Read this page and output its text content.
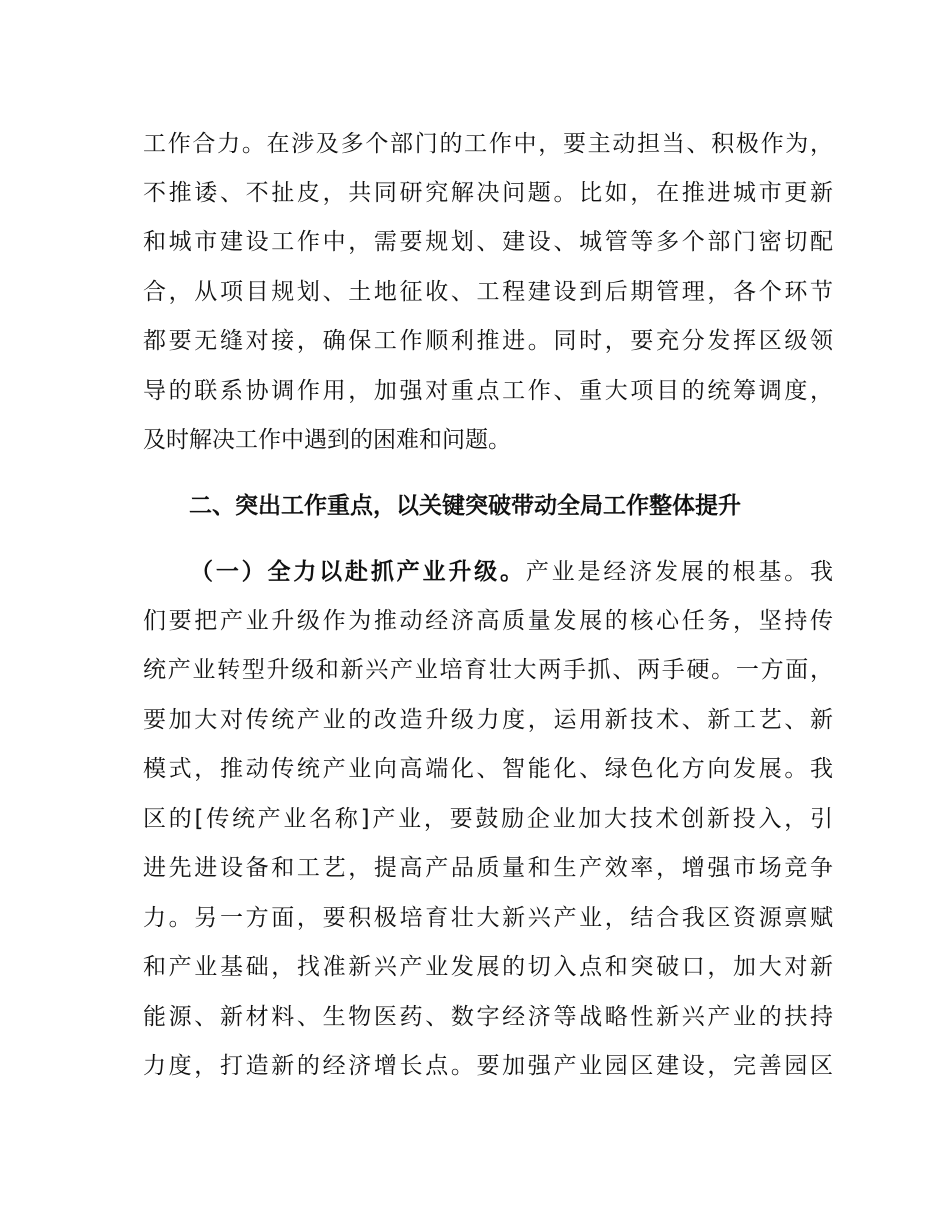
工作合力。在涉及多个部门的工作中，要主动担当、积极作为，
不推诿、不扯皮，共同研究解决问题。比如，在推进城市更新
和城市建设工作中，需要规划、建设、城管等多个部门密切配
合，从项目规划、土地征收、工程建设到后期管理，各个环节
都要无缝对接，确保工作顺利推进。同时，要充分发挥区级领
导的联系协调作用，加强对重点工作、重大项目的统筹调度，
及时解决工作中遇到的困难和问题。
二、突出工作重点，以关键突破带动全局工作整体提升
（一）全力以赴抓产业升级。产业是经济发展的根基。我
们要把产业升级作为推动经济高质量发展的核心任务，坚持传
统产业转型升级和新兴产业培育壮大两手抓、两手硬。一方面，
要加大对传统产业的改造升级力度，运用新技术、新工艺、新
模式，推动传统产业向高端化、智能化、绿色化方向发展。我
区的[传统产业名称]产业，要鼓励企业加大技术创新投入，引
进先进设备和工艺，提高产品质量和生产效率，增强市场竞争
力。另一方面，要积极培育壮大新兴产业，结合我区资源禀赋
和产业基础，找准新兴产业发展的切入点和突破口，加大对新
能源、新材料、生物医药、数字经济等战略性新兴产业的扶持
力度，打造新的经济增长点。要加强产业园区建设，完善园区
